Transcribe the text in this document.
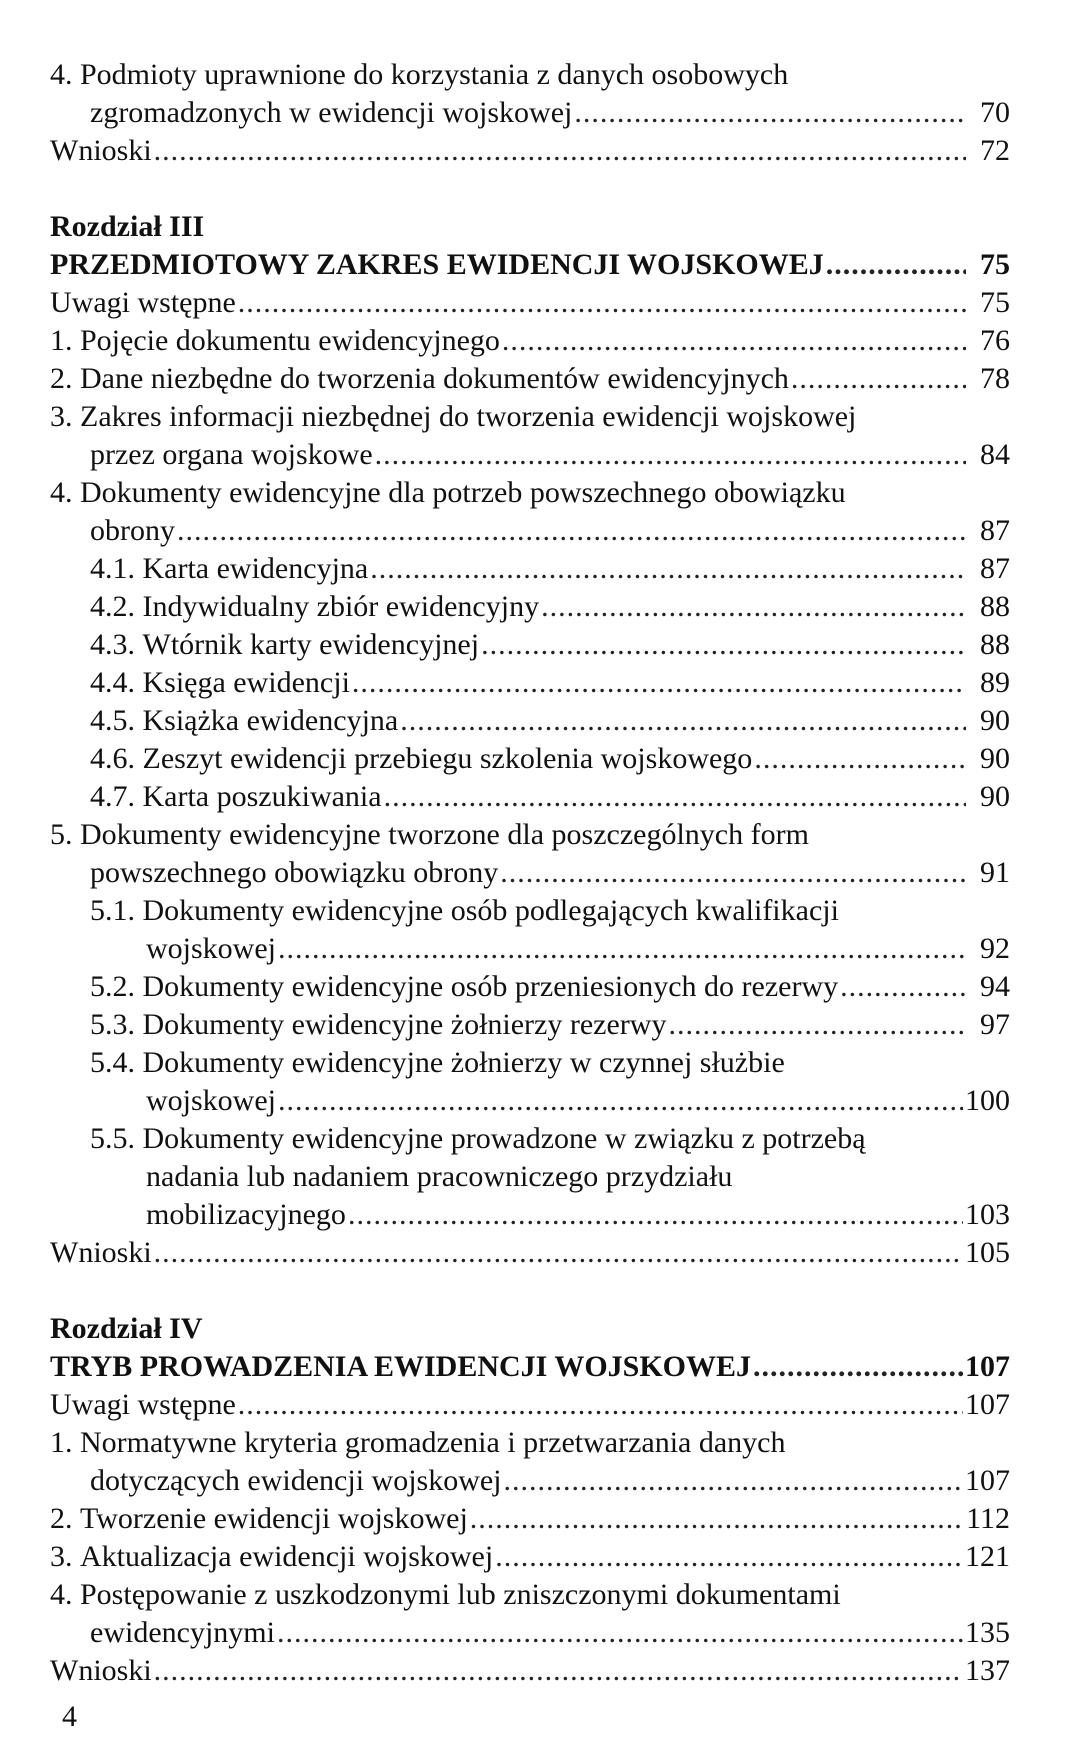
4. Podmioty uprawnione do korzystania z danych osobowych
zgromadzonych w ewidencji wojskowej .....	70
Wnioski .....	72
Rozdział III
PRZEDMIOTOWY ZAKRES EWIDENCJI WOJSKOWEJ .....	75
Uwagi wstępne .....	75
1. Pojęcie dokumentu ewidencyjnego .....	76
2. Dane niezbędne do tworzenia dokumentów ewidencyjnych .....	78
3. Zakres informacji niezbędnej do tworzenia ewidencji wojskowej
przez organa wojskowe .....	84
4. Dokumenty ewidencyjne dla potrzeb powszechnego obowiązku
obrony .....	87
4.1. Karta ewidencyjna .....	87
4.2. Indywidualny zbiór ewidencyjny .....	88
4.3. Wtórnik karty ewidencyjnej .....	88
4.4. Księga ewidencji .....	89
4.5. Książka ewidencyjna .....	90
4.6. Zeszyt ewidencji przebiegu szkolenia wojskowego .....	90
4.7. Karta poszukiwania .....	90
5. Dokumenty ewidencyjne tworzone dla poszczególnych form
powszechnego obowiązku obrony .....	91
5.1. Dokumenty ewidencyjne osób podlegających kwalifikacji
wojskowej .....	92
5.2. Dokumenty ewidencyjne osób przeniesionych do rezerwy .....	94
5.3. Dokumenty ewidencyjne żołnierzy rezerwy .....	97
5.4. Dokumenty ewidencyjne żołnierzy w czynnej służbie
wojskowej .....	100
5.5. Dokumenty ewidencyjne prowadzone w związku z potrzebą
nadania lub nadaniem pracowniczego przydziału
mobilizacyjnego .....	103
Wnioski .....	105
Rozdział IV
TRYB PROWADZENIA EWIDENCJI WOJSKOWEJ .....	107
Uwagi wstępne .....	107
1. Normatywne kryteria gromadzenia i przetwarzania danych
dotyczących ewidencji wojskowej .....	107
2. Tworzenie ewidencji wojskowej .....	112
3. Aktualizacja ewidencji wojskowej .....	121
4. Postępowanie z uszkodzonymi lub zniszczonymi dokumentami
ewidencyjnymi .....	135
Wnioski .....	137
4
